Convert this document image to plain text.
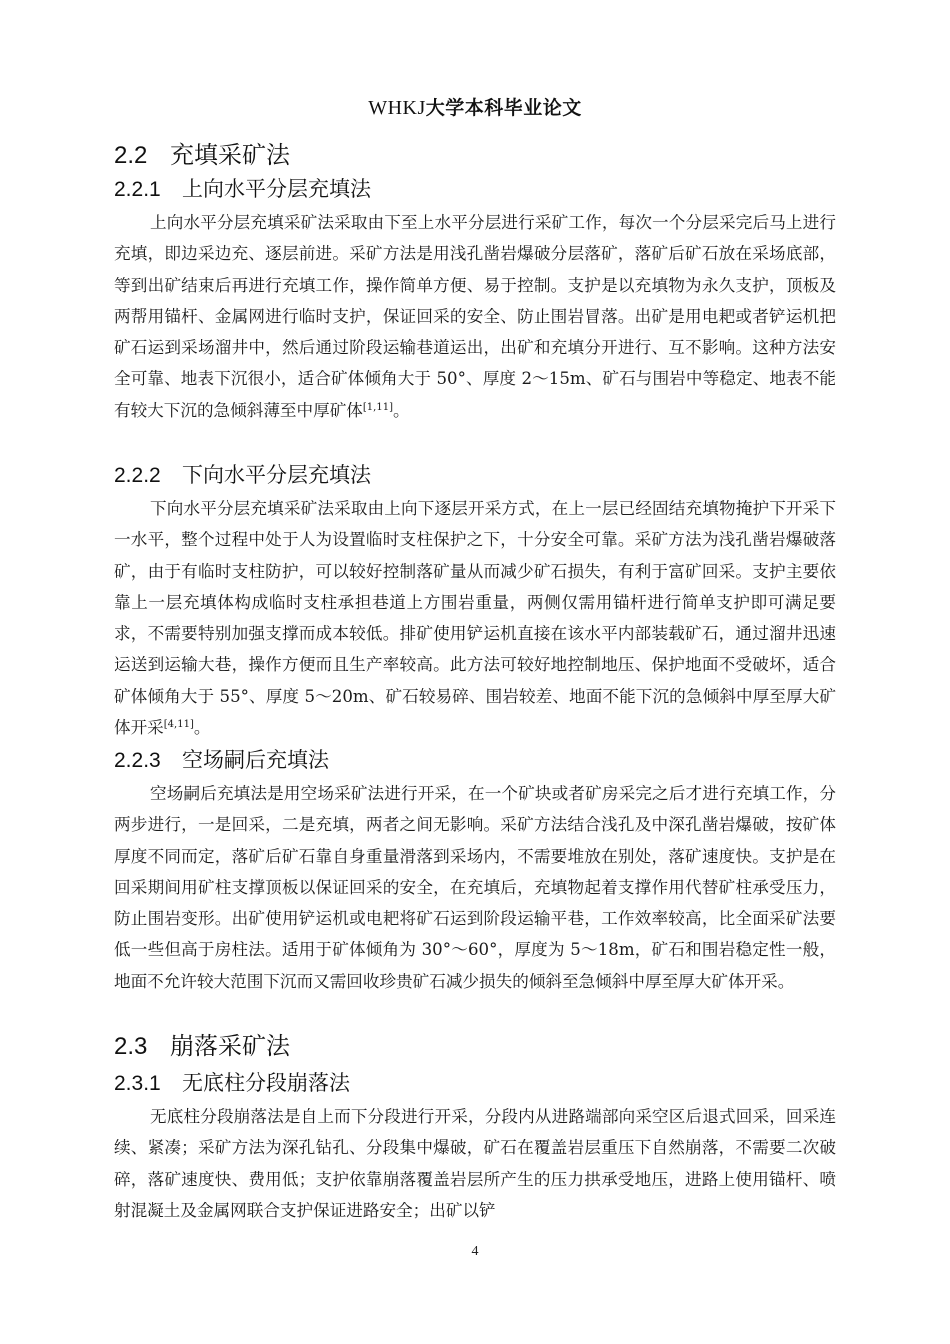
WHKJ大学本科毕业论文
2.2 充填采矿法
2.2.1 上向水平分层充填法
上向水平分层充填采矿法采取由下至上水平分层进行采矿工作，每次一个分层采完后马上进行充填，即边采边充、逐层前进。采矿方法是用浅孔凿岩爆破分层落矿，落矿后矿石放在采场底部，等到出矿结束后再进行充填工作，操作简单方便、易于控制。支护是以充填物为永久支护，顶板及两帮用锚杆、金属网进行临时支护，保证回采的安全、防止围岩冒落。出矿是用电耙或者铲运机把矿石运到采场溜井中，然后通过阶段运输巷道运出，出矿和充填分开进行、互不影响。这种方法安全可靠、地表下沉很小，适合矿体倾角大于 50°、厚度 2～15m、矿石与围岩中等稳定、地表不能有较大下沉的急倾斜薄至中厚矿体[1,11]。
2.2.2 下向水平分层充填法
下向水平分层充填采矿法采取由上向下逐层开采方式，在上一层已经固结充填物掩护下开采下一水平，整个过程中处于人为设置临时支柱保护之下，十分安全可靠。采矿方法为浅孔凿岩爆破落矿，由于有临时支柱防护，可以较好控制落矿量从而减少矿石损失，有利于富矿回采。支护主要依靠上一层充填体构成临时支柱承担巷道上方围岩重量，两侧仅需用锚杆进行简单支护即可满足要求，不需要特别加强支撑而成本较低。排矿使用铲运机直接在该水平内部装载矿石，通过溜井迅速运送到运输大巷，操作方便而且生产率较高。此方法可较好地控制地压、保护地面不受破坏，适合矿体倾角大于 55°、厚度 5～20m、矿石较易碎、围岩较差、地面不能下沉的急倾斜中厚至厚大矿体开采[4,11]。
2.2.3 空场嗣后充填法
空场嗣后充填法是用空场采矿法进行开采，在一个矿块或者矿房采完之后才进行充填工作，分两步进行，一是回采，二是充填，两者之间无影响。采矿方法结合浅孔及中深孔凿岩爆破，按矿体厚度不同而定，落矿后矿石靠自身重量滑落到采场内，不需要堆放在别处，落矿速度快。支护是在回采期间用矿柱支撑顶板以保证回采的安全，在充填后，充填物起着支撑作用代替矿柱承受压力，防止围岩变形。出矿使用铲运机或电耙将矿石运到阶段运输平巷，工作效率较高，比全面采矿法要低一些但高于房柱法。适用于矿体倾角为 30°～60°，厚度为 5～18m，矿石和围岩稳定性一般，地面不允许较大范围下沉而又需回收珍贵矿石减少损失的倾斜至急倾斜中厚至厚大矿体开采。
2.3 崩落采矿法
2.3.1 无底柱分段崩落法
无底柱分段崩落法是自上而下分段进行开采，分段内从进路端部向采空区后退式回采，回采连续、紧凑；采矿方法为深孔钻孔、分段集中爆破，矿石在覆盖岩层重压下自然崩落，不需要二次破碎，落矿速度快、费用低；支护依靠崩落覆盖岩层所产生的压力拱承受地压，进路上使用锚杆、喷射混凝土及金属网联合支护保证进路安全；出矿以铲
4
